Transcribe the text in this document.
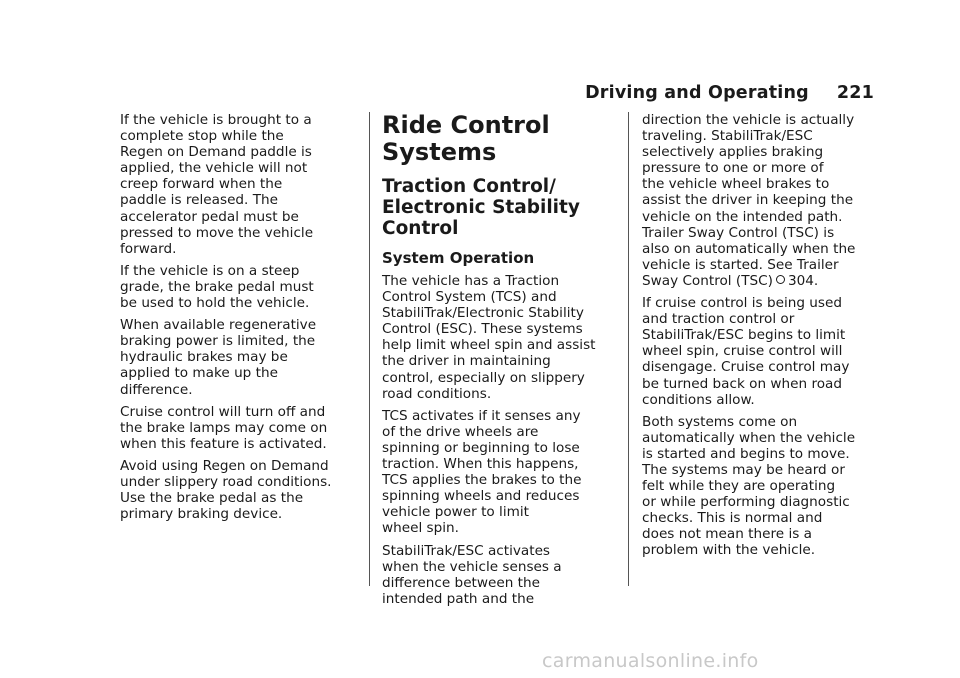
Driving and Operating 221

If the vehicle is brought to a
complete stop while the
Regen on Demand paddle is
applied, the vehicle will not
creep forward when the
paddle is released. The
accelerator pedal must be
pressed to move the vehicle
forward.

If the vehicle is on a steep
grade, the brake pedal must
be used to hold the vehicle.

When available regenerative
braking power is limited, the
hydraulic brakes may be
applied to make up the
difference.

Cruise control will turn off and
the brake lamps may come on
when this feature is activated.

Avoid using Regen on Demand
under slippery road conditions.
Use the brake pedal as the
primary braking device.

Ride Control
Systems
Traction Control/
Electronic Stability
Control
System Operation

The vehicle has a Traction
Control System (TCS) and
StabiliTrak/Electronic Stability
Control (ESC). These systems
help limit wheel spin and assist
the driver in maintaining
control, especially on slippery
road conditions.

TCS activates if it senses any
of the drive wheels are
spinning or beginning to lose
traction. When this happens,
TCS applies the brakes to the
spinning wheels and reduces
vehicle power to limit
wheel spin.

StabiliTrak/ESC activates
when the vehicle senses a
difference between the
intended path and the

direction the vehicle is actually
traveling. StabiliTrak/ESC
selectively applies braking
pressure to one or more of
the vehicle wheel brakes to
assist the driver in keeping the
vehicle on the intended path.
Trailer Sway Control (TSC) is
also on automatically when the
vehicle is started. See Trailer
Sway Control (TSC) 304.

If cruise control is being used
and traction control or
StabiliTrak/ESC begins to limit
wheel spin, cruise control will
disengage. Cruise control may
be turned back on when road
conditions allow.

Both systems come on
automatically when the vehicle
is started and begins to move.
The systems may be heard or
felt while they are operating
or while performing diagnostic
checks. This is normal and
does not mean there is a
problem with the vehicle.

carmanualsonline.info
